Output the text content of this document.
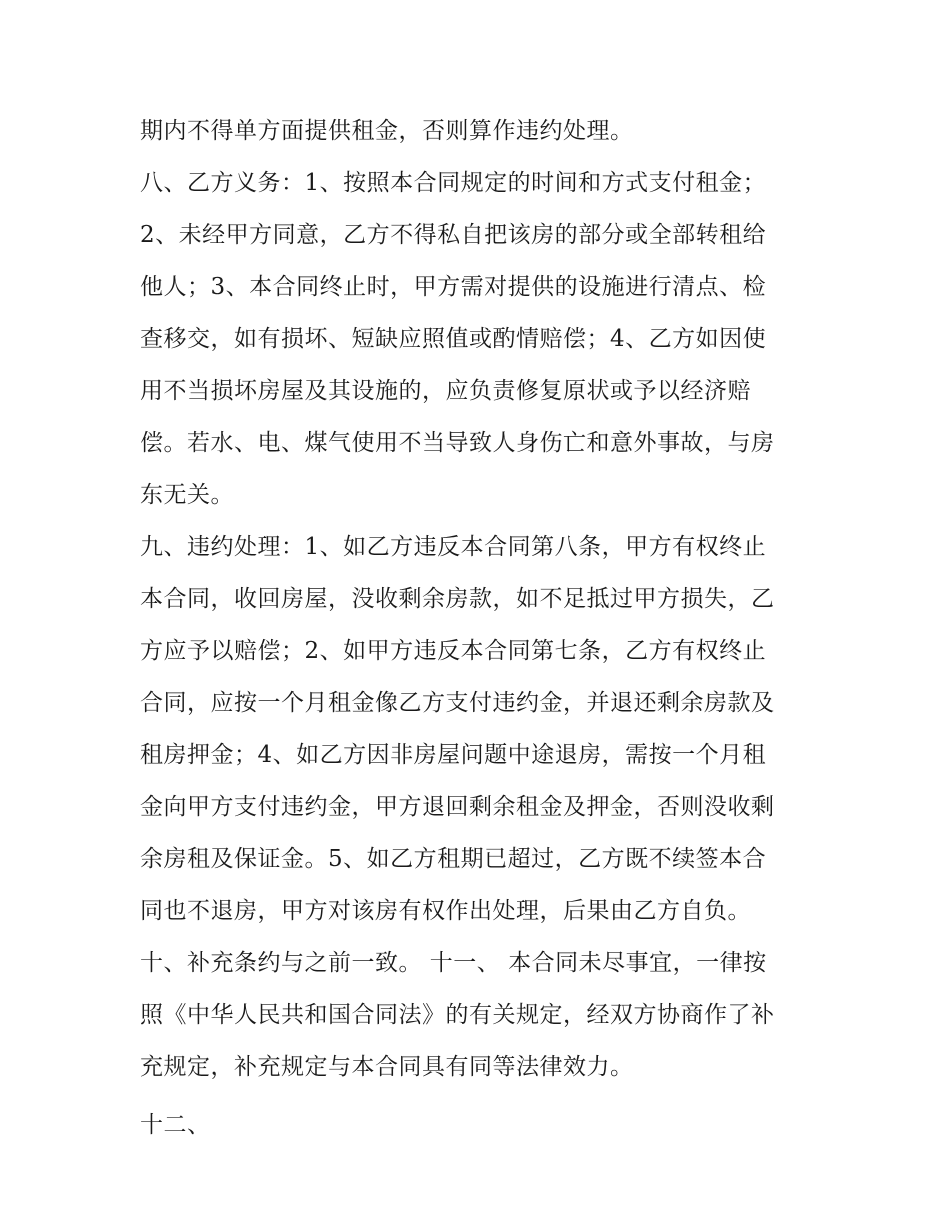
期内不得单方面提供租金，否则算作违约处理。
八、乙方义务：1、按照本合同规定的时间和方式支付租金；
2、未经甲方同意，乙方不得私自把该房的部分或全部转租给
他人；3、本合同终止时，甲方需对提供的设施进行清点、检
查移交，如有损坏、短缺应照值或酌情赔偿；4、乙方如因使
用不当损坏房屋及其设施的，应负责修复原状或予以经济赔
偿。若水、电、煤气使用不当导致人身伤亡和意外事故，与房
东无关。
九、违约处理：1、如乙方违反本合同第八条，甲方有权终止
本合同，收回房屋，没收剩余房款，如不足抵过甲方损失，乙
方应予以赔偿；2、如甲方违反本合同第七条，乙方有权终止
合同，应按一个月租金像乙方支付违约金，并退还剩余房款及
租房押金；4、如乙方因非房屋问题中途退房，需按一个月租
金向甲方支付违约金，甲方退回剩余租金及押金，否则没收剩
余房租及保证金。5、如乙方租期已超过，乙方既不续签本合
同也不退房，甲方对该房有权作出处理，后果由乙方自负。
十、补充条约与之前一致。 十一、 本合同未尽事宜，一律按
照《中华人民共和国合同法》的有关规定，经双方协商作了补
充规定，补充规定与本合同具有同等法律效力。
十二、
